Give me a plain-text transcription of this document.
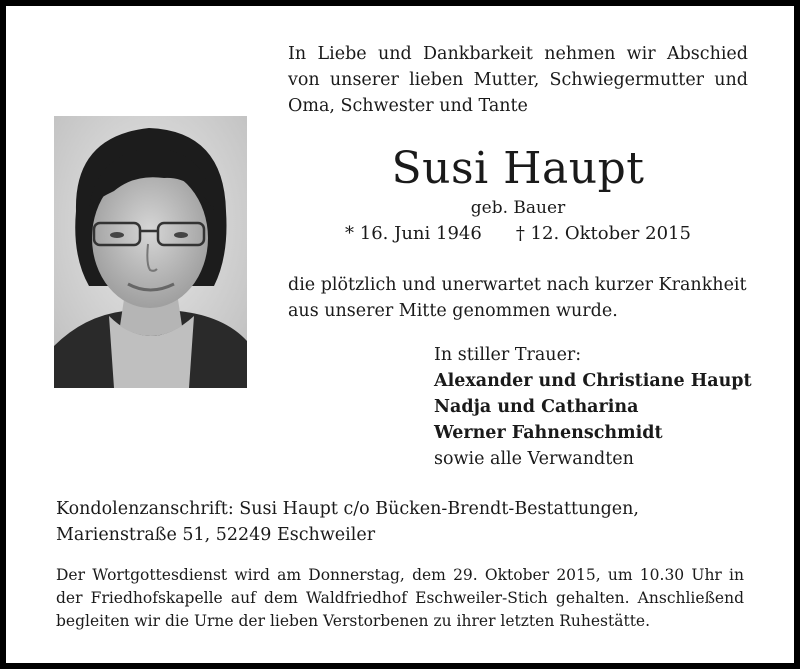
In Liebe und Dankbarkeit nehmen wir Abschied
von unserer lieben Mutter, Schwiegermutter und
Oma, Schwester und Tante
Susi Haupt
geb. Bauer
* 16. Juni 1946 † 12. Oktober 2015
die plötzlich und unerwartet nach kurzer Krankheit
aus unserer Mitte genommen wurde.
In stiller Trauer:
Alexander und Christiane Haupt
Nadja und Catharina
Werner Fahnenschmidt
sowie alle Verwandten
Kondolenzanschrift: Susi Haupt c/o Bücken-Brendt-Bestattungen,
Marienstraße 51, 52249 Eschweiler
Der Wortgottesdienst wird am Donnerstag, dem 29. Oktober 2015, um 10.30 Uhr in
der Friedhofskapelle auf dem Waldfriedhof Eschweiler-Stich gehalten. Anschließend
begleiten wir die Urne der lieben Verstorbenen zu ihrer letzten Ruhestätte.
